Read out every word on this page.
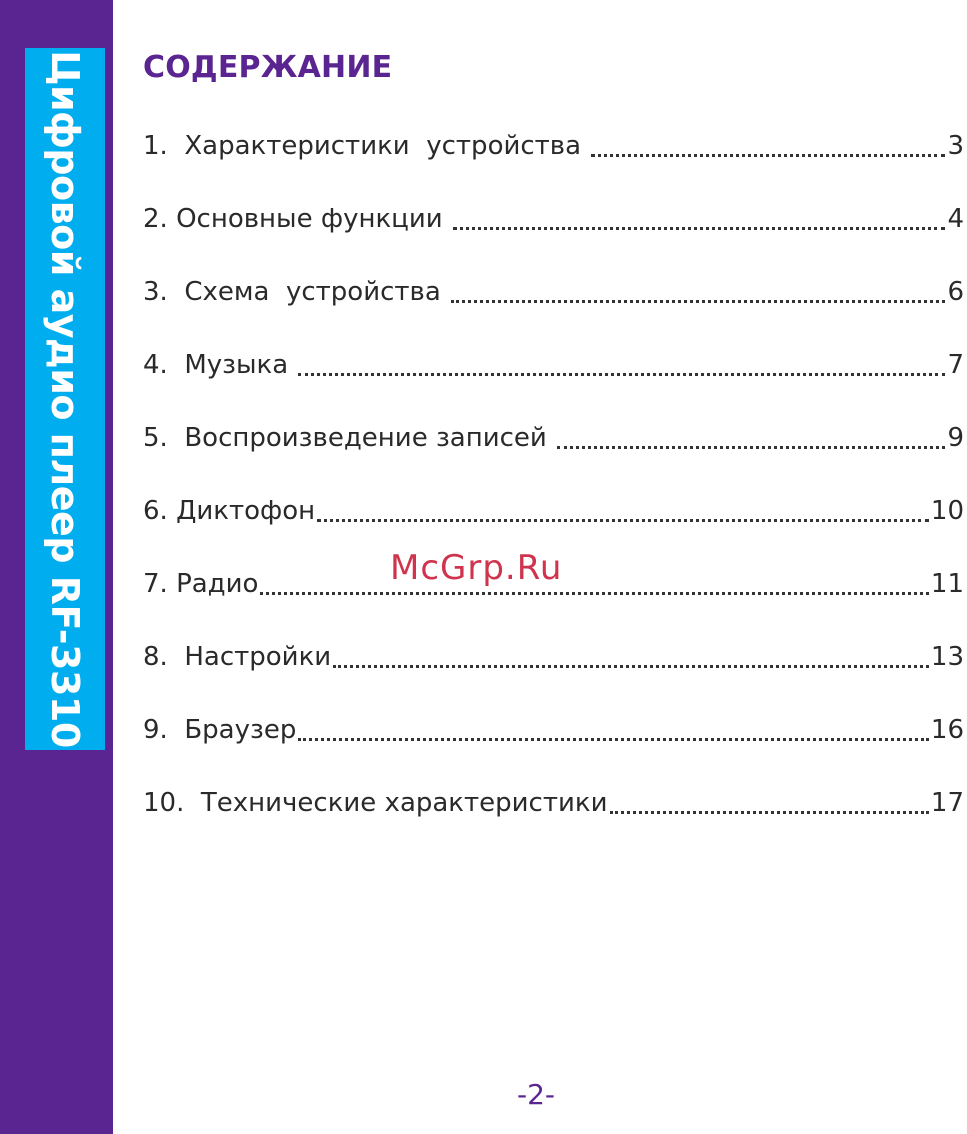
Цифровой аудио плеер RF-3310	СОДЕРЖАНИЕ
1.  Характеристики  устройства	3
2. Основные функции	4
3.  Схема  устройства	6
4.  Музыка	7
5.  Воспроизведение записей	9
6. Диктофон	10
7. Радио	11
8.  Настройки	13
9.  Браузер	16
10.  Технические характеристики	17
McGrp.Ru
-2-
